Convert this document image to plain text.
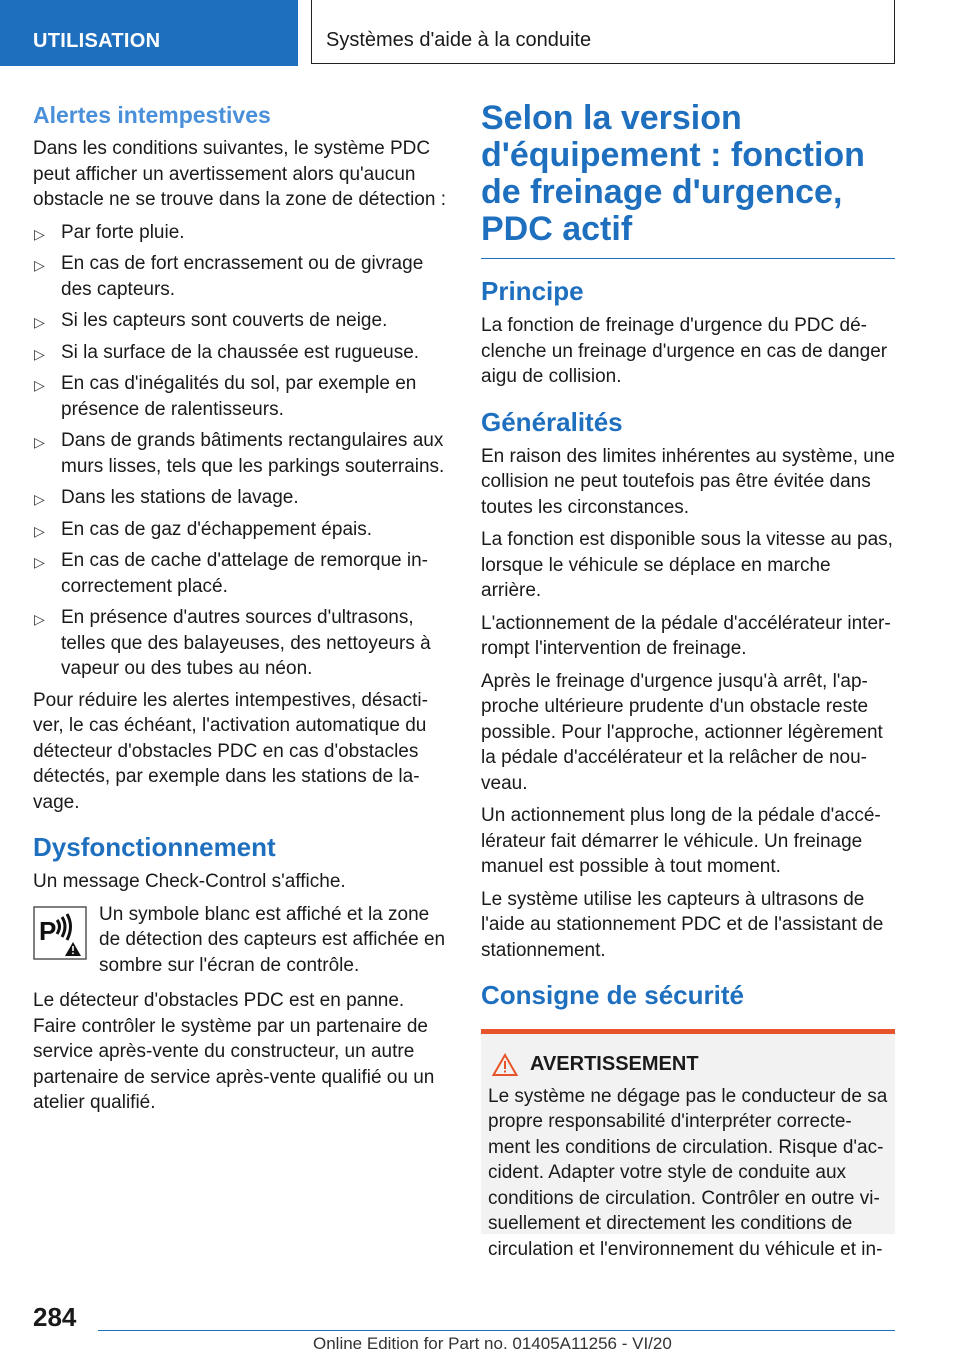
UTILISATION	Systèmes d'aide à la conduite
Alertes intempestives

Dans les conditions suivantes, le système PDC peut afficher un avertissement alors qu'aucun obstacle ne se trouve dans la zone de détection :

▷ Par forte pluie.
▷ En cas de fort encrassement ou de givrage des capteurs.
▷ Si les capteurs sont couverts de neige.
▷ Si la surface de la chaussée est rugueuse.
▷ En cas d'inégalités du sol, par exemple en présence de ralentisseurs.
▷ Dans de grands bâtiments rectangulaires aux murs lisses, tels que les parkings souterrains.
▷ Dans les stations de lavage.
▷ En cas de gaz d'échappement épais.
▷ En cas de cache d'attelage de remorque in-correctement placé.
▷ En présence d'autres sources d'ultrasons, telles que des balayeuses, des nettoyeurs à vapeur ou des tubes au néon.

Pour réduire les alertes intempestives, désacti-ver, le cas échéant, l'activation automatique du détecteur d'obstacles PDC en cas d'obstacles détectés, par exemple dans les stations de la-vage.

Dysfonctionnement

Un message Check-Control s'affiche.

P
Un symbole blanc est affiché et la zone de détection des capteurs est affichée en sombre sur l'écran de contrôle.

Le détecteur d'obstacles PDC est en panne. Faire contrôler le système par un partenaire de service après-vente du constructeur, un autre partenaire de service après-vente qualifié ou un atelier qualifié.

Selon la version d'équipement : fonction de freinage d'urgence, PDC actif
Principe

La fonction de freinage d'urgence du PDC dé-clenche un freinage d'urgence en cas de danger aigu de collision.

Généralités

En raison des limites inhérentes au système, une collision ne peut toutefois pas être évitée dans toutes les circonstances.

La fonction est disponible sous la vitesse au pas, lorsque le véhicule se déplace en marche arrière.

L'actionnement de la pédale d'accélérateur inter-rompt l'intervention de freinage.

Après le freinage d'urgence jusqu'à arrêt, l'ap-proche ultérieure prudente d'un obstacle reste possible. Pour l'approche, actionner légèrement la pédale d'accélérateur et la relâcher de nou-veau.

Un actionnement plus long de la pédale d'accé-lérateur fait démarrer le véhicule. Un freinage manuel est possible à tout moment.

Le système utilise les capteurs à ultrasons de l'aide au stationnement PDC et de l'assistant de stationnement.

Consigne de sécurité
AVERTISSEMENT
Le système ne dégage pas le conducteur de sa propre responsabilité d'interpréter correcte-ment les conditions de circulation. Risque d'ac-cident. Adapter votre style de conduite aux conditions de circulation. Contrôler en outre vi-suellement et directement les conditions de circulation et l'environnement du véhicule et in-
284
Online Edition for Part no. 01405A11256 - VI/20
